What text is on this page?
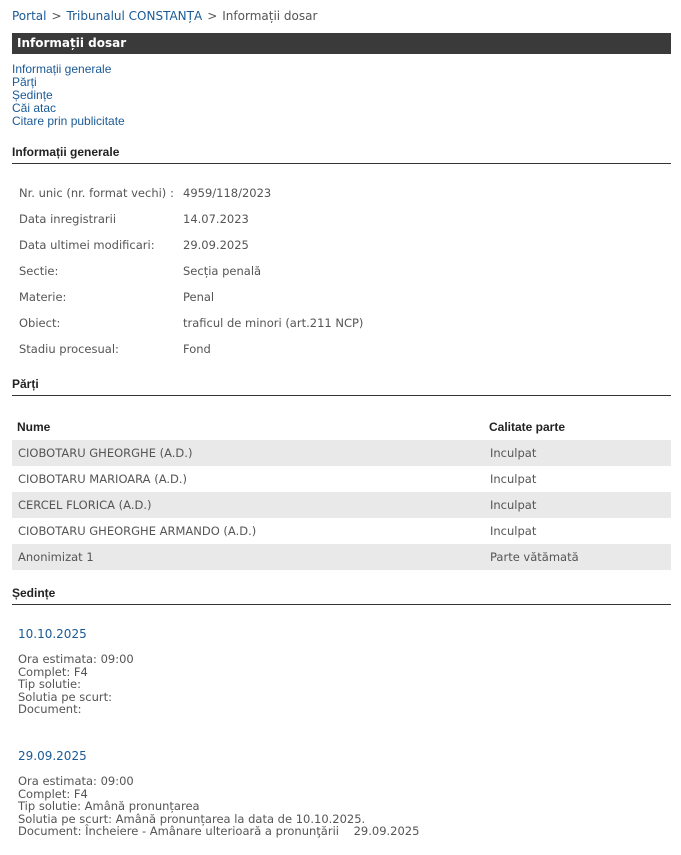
Portal > Tribunalul CONSTANȚA > Informații dosar
Informații dosar
Informații generale
Părți
Ședințe
Căi atac
Citare prin publicitate
Informații generale
Nr. unic (nr. format vechi) : 4959/118/2023
Data inregistrarii	14.07.2023
Data ultimei modificari: 29.09.2025
Sectie:	Secția penală
Materie:	Penal
Obiect:	traficul de minori (art.211 NCP)
Stadiu procesual:	Fond
Părți
Nume	Calitate parte
CIOBOTARU GHEORGHE (A.D.)	Inculpat
CIOBOTARU MARIOARA (A.D.)	Inculpat
CERCEL FLORICA (A.D.)	Inculpat
CIOBOTARU GHEORGHE ARMANDO (A.D.)	Inculpat
Anonimizat 1	Parte vătămată
Ședințe
10.10.2025
Ora estimata: 09:00
Complet: F4
Tip solutie:
Solutia pe scurt:
Document:
29.09.2025
Ora estimata: 09:00
Complet: F4
Tip solutie: Amână pronunțarea
Solutia pe scurt: Amână pronunțarea la data de 10.10.2025.
Document: Încheiere - Amânare ulterioară a pronunţării    29.09.2025
